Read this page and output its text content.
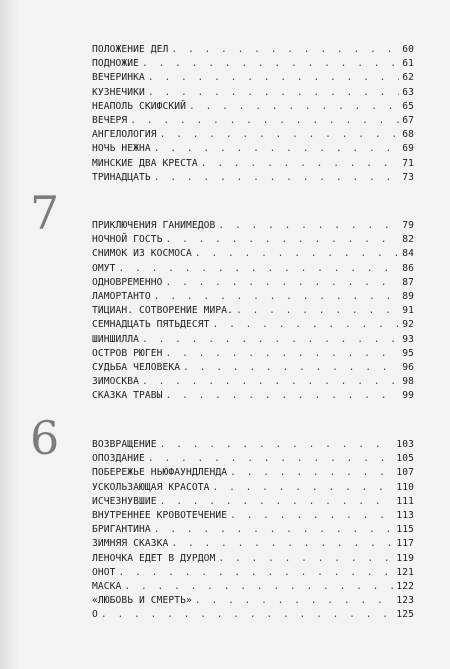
7
6
ПОЛОЖЕНИЕ ДЕЛ . . .	60
ПОДНОЖИЕ . . .	61
ВЕЧЕРИНКА . . .	62
КУЗНЕЧИКИ . . .	63
НЕАПОЛЬ СКИФСКИЙ . . .	65
ВЕЧЕРЯ . . .	67
АНГЕЛОЛОГИЯ . . .	68
НОЧЬ НЕЖНА . . .	69
МИНСКИЕ ДВА КРЕСТА . . .	71
ТРИНАДЦАТЬ . . .	73
ПРИКЛЮЧЕНИЯ ГАНИМЕДОВ . . .	79
НОЧНОЙ ГОСТЬ . . .	82
СНИМОК ИЗ КОСМОСА . . .	84
ОМУТ . . .	86
ОДНОВРЕМЕННО . . .	87
ЛАМОРТАНТО . . .	89
ТИЦИАН. СОТВОРЕНИЕ МИРА. . . .	91
СЕМНАДЦАТЬ ПЯТЬДЕСЯТ . . .	92
ШИНШИЛЛА . . .	93
ОСТРОВ РЮГЕН . . .	95
СУДЬБА ЧЕЛОВЕКА . . .	96
ЗИМОСКВА . . .	98
СКАЗКА ТРАВЫ . . .	99
ВОЗВРАЩЕНИЕ . . .	103
ОПОЗДАНИЕ . . .	105
ПОБЕРЕЖЬЕ НЬЮФАУНДЛЕНДА . . .	107
УСКОЛЬЗАЮЩАЯ КРАСОТА . . .	110
ИСЧЕЗНУВШИЕ . . .	111
ВНУТРЕННЕЕ КРОВОТЕЧЕНИЕ . . .	113
БРИГАНТИНА . . .	115
ЗИМНЯЯ СКАЗКА . . .	117
ЛЕНОЧКА ЕДЕТ В ДУРДОМ . . .	119
ОНОТ . . .	121
МАСКА . . .	122
«ЛЮБОВЬ И СМЕРТЬ» . . .	123
О . . .	125
